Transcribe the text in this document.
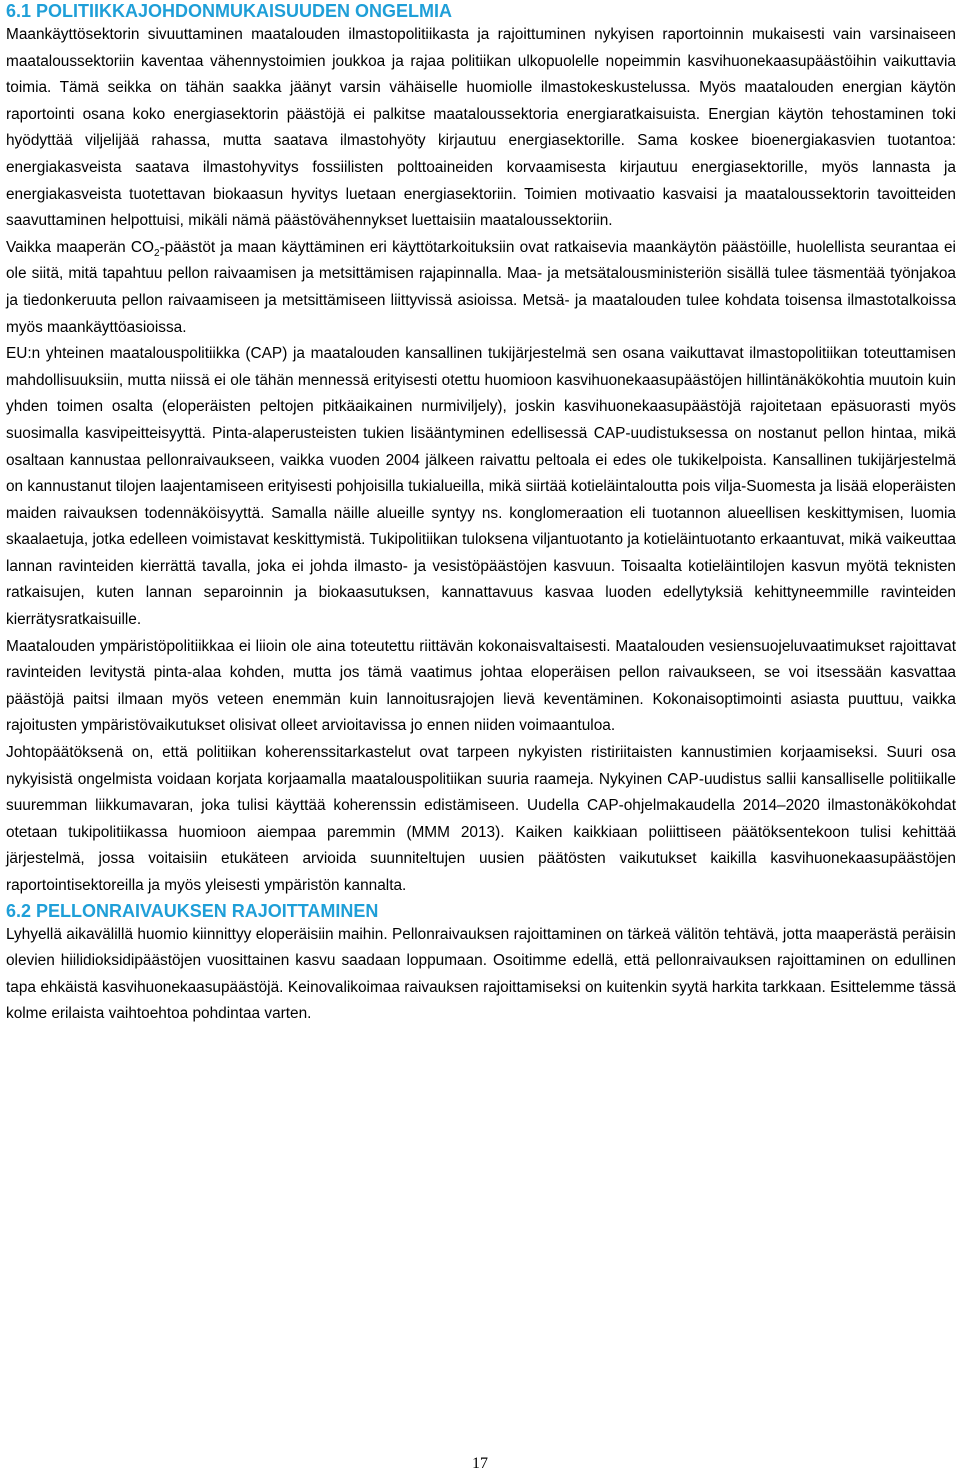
6.1 POLITIIKKAJOHDONMUKAISUUDEN ONGELMIA

Maankäyttösektorin sivuuttaminen maatalouden ilmastopolitiikasta ja rajoittuminen nykyisen raportoinnin mukaisesti vain varsinaiseen maataloussektoriin kaventaa vähennystoimien joukkoa ja rajaa politiikan ulkopuolelle nopeimmin kasvihuonekaasupäästöihin vaikuttavia toimia. Tämä seikka on tähän saakka jäänyt varsin vähäiselle huomiolle ilmastokeskustelussa. Myös maatalouden energian käytön raportointi osana koko energiasektorin päästöjä ei palkitse maataloussektoria energiaratkaisuista. Energian käytön tehostaminen toki hyödyttää viljelijää rahassa, mutta saatava ilmastohyöty kirjautuu energiasektorille. Sama koskee bioenergiakasvien tuotantoa: energiakasveista saatava ilmastohyvitys fossiilisten polttoaineiden korvaamisesta kirjautuu energiasektorille, myös lannasta ja energiakasveista tuotettavan biokaasun hyvitys luetaan energiasektoriin. Toimien motivaatio kasvaisi ja maataloussektorin tavoitteiden saavuttaminen helpottuisi, mikäli nämä päästövähennykset luettaisiin maataloussektoriin.

Vaikka maaperän $CO_2$-päästöt ja maan käyttäminen eri käyttötarkoituksiin ovat ratkaisevia maankäytön päästöille, huolellista seurantaa ei ole siitä, mitä tapahtuu pellon raivaamisen ja metsittämisen rajapinnalla. Maa- ja metsätalousministeriön sisällä tulee täsmentää työnjakoa ja tiedonkeruuta pellon raivaamiseen ja metsittämiseen liittyvissä asioissa. Metsä- ja maatalouden tulee kohdata toisensa ilmastotalkoissa myös maankäyttöasioissa.

EU:n yhteinen maatalouspolitiikka (CAP) ja maatalouden kansallinen tukijärjestelmä sen osana vaikuttavat ilmastopolitiikan toteuttamisen mahdollisuuksiin, mutta niissä ei ole tähän mennessä erityisesti otettu huomioon kasvihuonekaasupäästöjen hillintänäkökohtia muutoin kuin yhden toimen osalta (eloperäisten peltojen pitkäaikainen nurmiviljely), joskin kasvihuonekaasupäästöjä rajoitetaan epäsuorasti myös suosimalla kasvipeitteisyyttä. Pinta-alaperusteisten tukien lisääntyminen edellisessä CAP-uudistuksessa on nostanut pellon hintaa, mikä osaltaan kannustaa pellonraivaukseen, vaikka vuoden 2004 jälkeen raivattu peltoala ei edes ole tukikelpoista. Kansallinen tukijärjestelmä on kannustanut tilojen laajentamiseen erityisesti pohjoisilla tukialueilla, mikä siirtää kotieläintaloutta pois vilja-Suomesta ja lisää eloperäisten maiden raivauksen todennäköisyyttä. Samalla näille alueille syntyy ns. konglomeraation eli tuotannon alueellisen keskittymisen, luomia skaalaetuja, jotka edelleen voimistavat keskittymistä. Tukipolitiikan tuloksena viljantuotanto ja kotieläintuotanto erkaantuvat, mikä vaikeuttaa lannan ravinteiden kierrättä tavalla, joka ei johda ilmasto- ja vesistöpäästöjen kasvuun. Toisaalta kotieläintilojen kasvun myötä teknisten ratkaisujen, kuten lannan separoinnin ja biokaasutuksen, kannattavuus kasvaa luoden edellytyksiä kehittyneemmille ravinteiden kierrätysratkaisuille.

Maatalouden ympäristöpolitiikkaa ei liioin ole aina toteutettu riittävän kokonaisvaltaisesti. Maatalouden vesiensuojeluvaatimukset rajoittavat ravinteiden levitystä pinta-alaa kohden, mutta jos tämä vaatimus johtaa eloperäisen pellon raivaukseen, se voi itsessään kasvattaa päästöjä paitsi ilmaan myös veteen enemmän kuin lannoitusrajojen lievä keventäminen. Kokonaisoptimointi asiasta puuttuu, vaikka rajoitusten ympäristövaikutukset olisivat olleet arvioitavissa jo ennen niiden voimaantuloa.

Johtopäätöksenä on, että politiikan koherenssitarkastelut ovat tarpeen nykyisten ristiriitaisten kannustimien korjaamiseksi. Suuri osa nykyisistä ongelmista voidaan korjata korjaamalla maatalouspolitiikan suuria raameja. Nykyinen CAP-uudistus sallii kansalliselle politiikalle suuremman liikkumavaran, joka tulisi käyttää koherenssin edistämiseen. Uudella CAP-ohjelmakaudella 2014–2020 ilmastonäkökohdat otetaan tukipolitiikassa huomioon aiempaa paremmin (MMM 2013). Kaiken kaikkiaan poliittiseen päätöksentekoon tulisi kehittää järjestelmä, jossa voitaisiin etukäteen arvioida suunniteltujen uusien päätösten vaikutukset kaikilla kasvihuonekaasupäästöjen raportointisektoreilla ja myös yleisesti ympäristön kannalta.

6.2 PELLONRAIVAUKSEN RAJOITTAMINEN

Lyhyellä aikavälillä huomio kiinnittyy eloperäisiin maihin. Pellonraivauksen rajoittaminen on tärkeä välitön tehtävä, jotta maaperästä peräisin olevien hiilidioksidipäästöjen vuosittainen kasvu saadaan loppumaan. Osoitimme edellä, että pellonraivauksen rajoittaminen on edullinen tapa ehkäistä kasvihuonekaasupäästöjä. Keinovalikoimaa raivauksen rajoittamiseksi on kuitenkin syytä harkita tarkkaan. Esittelemme tässä kolme erilaista vaihtoehtoa pohdintaa varten.

17
